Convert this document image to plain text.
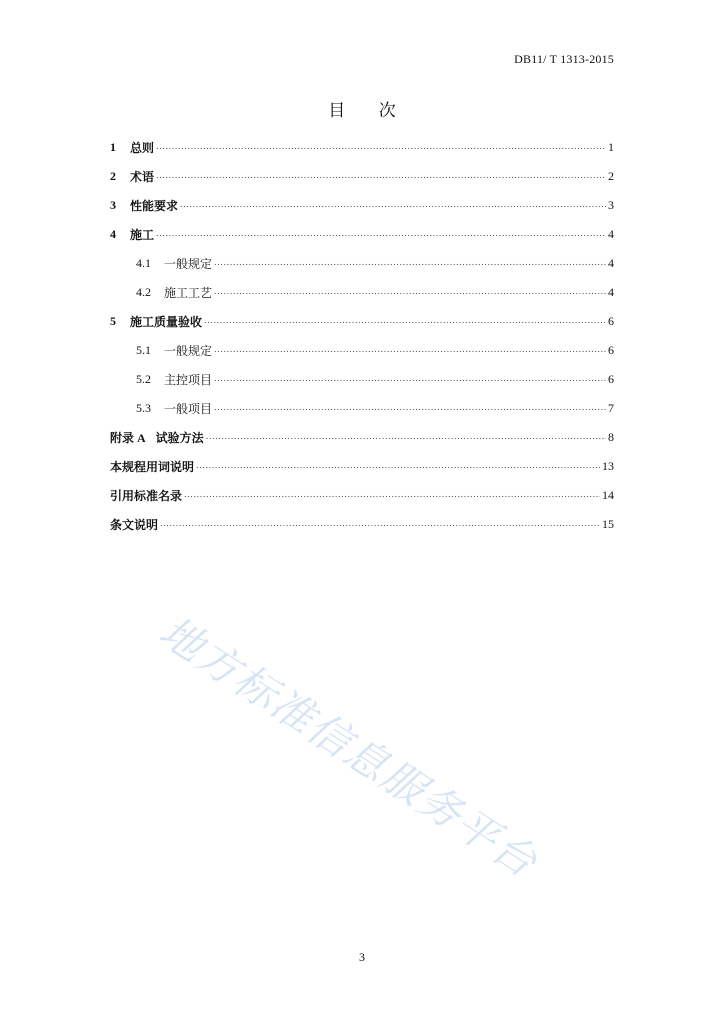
DB11/ T 1313-2015
目 次
1	总则 .....	1
2	术语 .....	2
3	性能要求 .....	3
4	施工 .....	4
4.1	一般规定 .....	4
4.2	施工工艺 .....	4
5	施工质量验收 .....	6
5.1	一般规定 .....	6
5.2	主控项目 .....	6
5.3	一般项目 .....	7
附录 A 试验方法 .....	8
本规程用词说明 .....	13
引用标准名录 .....	14
条文说明 .....	15
地方标准信息服务平台
3
